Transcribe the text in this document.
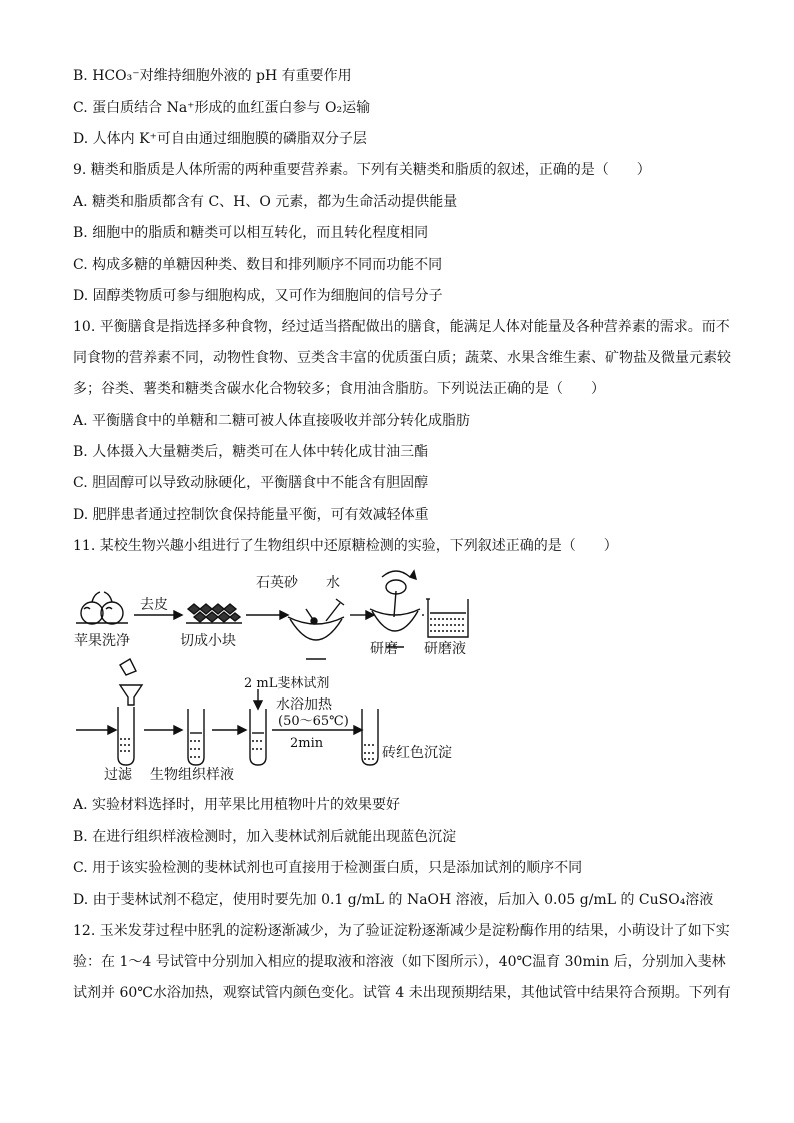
B. HCO₃⁻对维持细胞外液的 pH 有重要作用
C. 蛋白质结合 Na⁺形成的血红蛋白参与 O₂运输
D. 人体内 K⁺可自由通过细胞膜的磷脂双分子层
9. 糖类和脂质是人体所需的两种重要营养素。下列有关糖类和脂质的叙述，正确的是（　　）
A. 糖类和脂质都含有 C、H、O 元素，都为生命活动提供能量
B. 细胞中的脂质和糖类可以相互转化，而且转化程度相同
C. 构成多糖的单糖因种类、数目和排列顺序不同而功能不同
D. 固醇类物质可参与细胞构成，又可作为细胞间的信号分子
10. 平衡膳食是指选择多种食物，经过适当搭配做出的膳食，能满足人体对能量及各种营养素的需求。而不同食物的营养素不同，动物性食物、豆类含丰富的优质蛋白质；蔬菜、水果含维生素、矿物盐及微量元素较多；谷类、薯类和糖类含碳水化合物较多；食用油含脂肪。下列说法正确的是（　　）
A. 平衡膳食中的单糖和二糖可被人体直接吸收并部分转化成脂肪
B. 人体摄入大量糖类后，糖类可在人体中转化成甘油三酯
C. 胆固醇可以导致动脉硬化，平衡膳食中不能含有胆固醇
D. 肥胖患者通过控制饮食保持能量平衡，可有效减轻体重
11. 某校生物兴趣小组进行了生物组织中还原糖检测的实验，下列叙述正确的是（　　）
去皮
石英砂 水
苹果洗净	切成小块	研磨 研磨液
2 mL斐林试剂
水浴加热
(50～65℃)
2min
砖红色沉淀
过滤 生物组织样液
A. 实验材料选择时，用苹果比用植物叶片的效果要好
B. 在进行组织样液检测时，加入斐林试剂后就能出现蓝色沉淀
C. 用于该实验检测的斐林试剂也可直接用于检测蛋白质，只是添加试剂的顺序不同
D. 由于斐林试剂不稳定，使用时要先加 0.1 g/mL 的 NaOH 溶液，后加入 0.05 g/mL 的 CuSO₄溶液
12. 玉米发芽过程中胚乳的淀粉逐渐减少，为了验证淀粉逐渐减少是淀粉酶作用的结果，小萌设计了如下实验：在 1～4 号试管中分别加入相应的提取液和溶液（如下图所示），40℃温育 30min 后，分别加入斐林试剂并 60℃水浴加热，观察试管内颜色变化。试管 4 未出现预期结果，其他试管中结果符合预期。下列有
